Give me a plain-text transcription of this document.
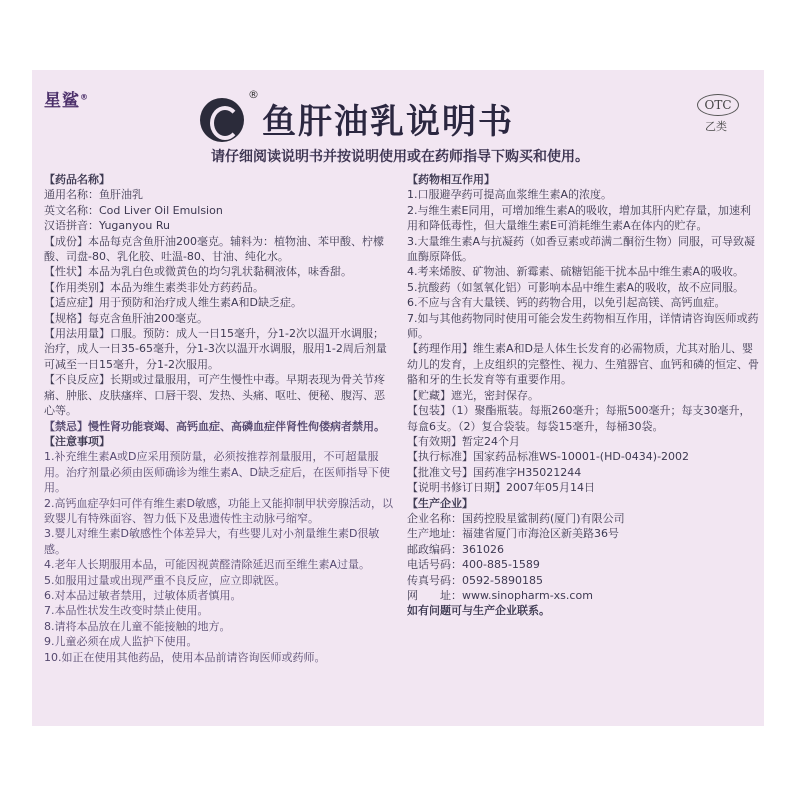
星鲨®	®
鱼肝油乳说明书	OTC
乙类
请仔细阅读说明书并按说明使用或在药师指导下购买和使用。

【药品名称】

通用名称：鱼肝油乳

英文名称：Cod Liver Oil Emulsion

汉语拼音：Yuganyou Ru

【成份】本品每克含鱼肝油200毫克。辅料为：植物油、苯甲酸、柠檬酸、司盘-80、乳化胶、吐温-80、甘油、纯化水。

【性状】本品为乳白色或微黄色的均匀乳状黏稠液体，味香甜。

【作用类别】本品为维生素类非处方药药品。

【适应症】用于预防和治疗成人维生素A和D缺乏症。

【规格】每克含鱼肝油200毫克。

【用法用量】口服。预防：成人一日15毫升，分1-2次以温开水调服；治疗，成人一日35-65毫升，分1-3次以温开水调服，服用1-2周后剂量可减至一日15毫升，分1-2次服用。

【不良反应】长期或过量服用，可产生慢性中毒。早期表现为骨关节疼痛、肿胀、皮肤瘙痒、口唇干裂、发热、头痛、呕吐、便秘、腹泻、恶心等。

【禁忌】慢性肾功能衰竭、高钙血症、高磷血症伴肾性佝偻病者禁用。

【注意事项】

1.补充维生素A或D应采用预防量，必须按推荐剂量服用，不可超量服用。治疗剂量必须由医师确诊为维生素A、D缺乏症后，在医师指导下使用。

2.高钙血症孕妇可伴有维生素D敏感，功能上又能抑制甲状旁腺活动，以致婴儿有特殊面容、智力低下及患遗传性主动脉弓缩窄。

3.婴儿对维生素D敏感性个体差异大，有些婴儿对小剂量维生素D很敏感。

4.老年人长期服用本品，可能因视黄醛清除延迟而至维生素A过量。

5.如服用过量或出现严重不良反应，应立即就医。

6.对本品过敏者禁用，过敏体质者慎用。

7.本品性状发生改变时禁止使用。

8.请将本品放在儿童不能接触的地方。

9.儿童必须在成人监护下使用。

10.如正在使用其他药品，使用本品前请咨询医师或药师。

【药物相互作用】

1.口服避孕药可提高血浆维生素A的浓度。

2.与维生素E同用，可增加维生素A的吸收，增加其肝内贮存量，加速利用和降低毒性，但大量维生素E可消耗维生素A在体内的贮存。

3.大量维生素A与抗凝药（如香豆素或茚满二酮衍生物）同服，可导致凝血酶原降低。

4.考来烯胺、矿物油、新霉素、硫糖铝能干扰本品中维生素A的吸收。

5.抗酸药（如氢氧化铝）可影响本品中维生素A的吸收，故不应同服。

6.不应与含有大量镁、钙的药物合用，以免引起高镁、高钙血症。

7.如与其他药物同时使用可能会发生药物相互作用，详情请咨询医师或药师。

【药理作用】维生素A和D是人体生长发育的必需物质，尤其对胎儿、婴幼儿的发育，上皮组织的完整性、视力、生殖器官、血钙和磷的恒定、骨骼和牙的生长发育等有重要作用。

【贮藏】遮光，密封保存。

【包装】（1）聚酯瓶装。每瓶260毫升；每瓶500毫升；每支30毫升，每盒6支。（2）复合袋装。每袋15毫升，每桶30袋。

【有效期】暂定24个月

【执行标准】国家药品标准WS-10001-(HD-0434)-2002

【批准文号】国药准字H35021244

【说明书修订日期】2007年05月14日

【生产企业】

企业名称：国药控股星鲨制药(厦门)有限公司

生产地址：福建省厦门市海沧区新美路36号

邮政编码：361026

电话号码：400-885-1589

传真号码：0592-5890185

网　　址：www.sinopharm-xs.com

如有问题可与生产企业联系。
